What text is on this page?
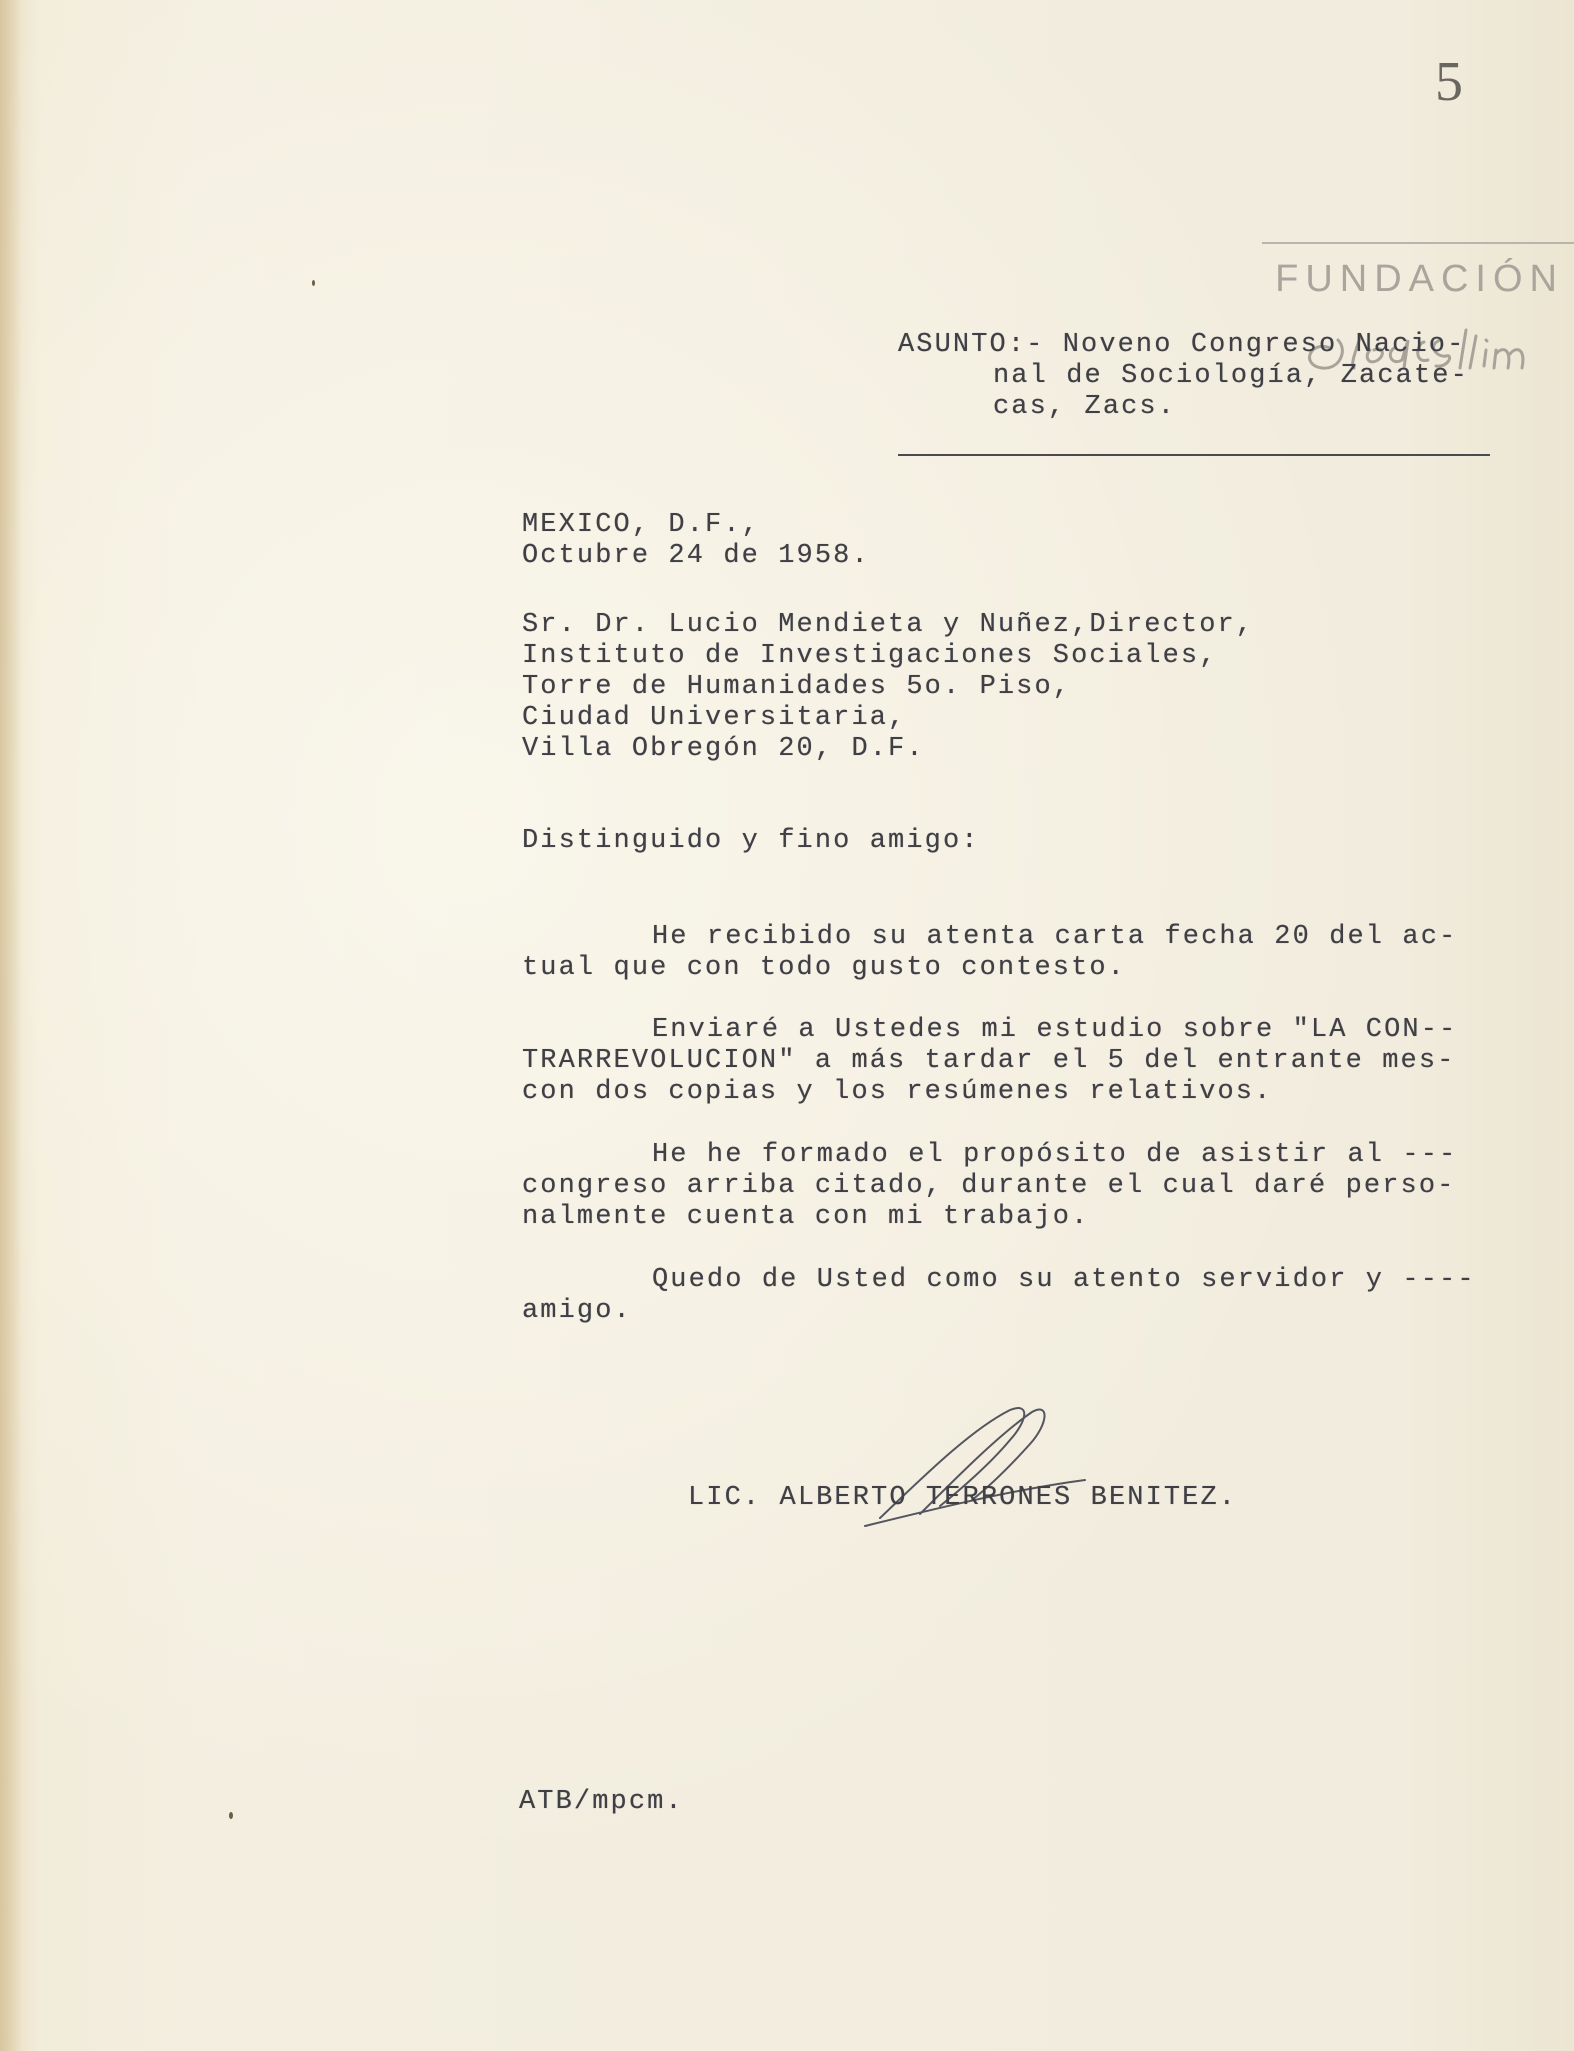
FUNDACIÓN
5
ASUNTO:- Noveno Congreso Nacio-
nal de Sociología, Zacate-
cas, Zacs.
MEXICO, D.F.,
Octubre 24 de 1958.
Sr. Dr. Lucio Mendieta y Nuñez,Director,
Instituto de Investigaciones Sociales,
Torre de Humanidades 5o. Piso,
Ciudad Universitaria,
Villa Obregón 20, D.F.
Distinguido y fino amigo:
He recibido su atenta carta fecha 20 del ac-
tual que con todo gusto contesto.
Enviaré a Ustedes mi estudio sobre "LA CON--
TRARREVOLUCION" a más tardar el 5 del entrante mes-
con dos copias y los resúmenes relativos.
He he formado el propósito de asistir al ---
congreso arriba citado, durante el cual daré perso-
nalmente cuenta con mi trabajo.
Quedo de Usted como su atento servidor y ----
amigo.
LIC. ALBERTO TERRONES BENITEZ.
ATB/mpcm.
